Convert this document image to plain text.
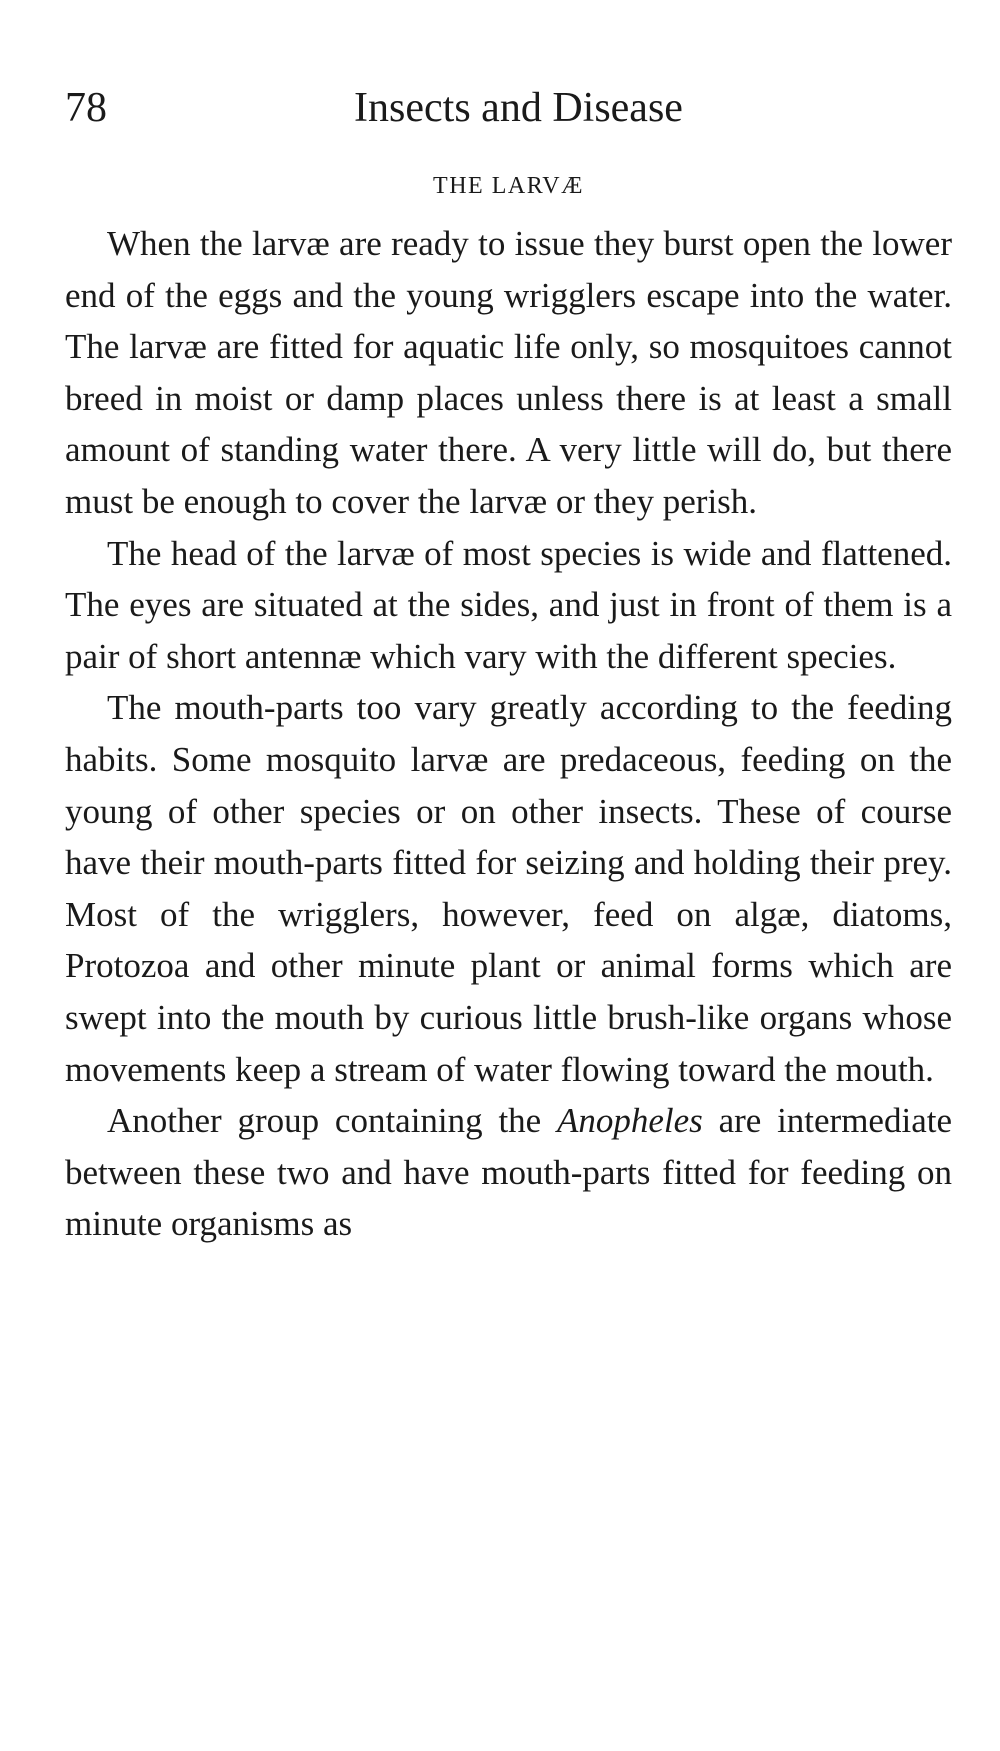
78	Insects and Disease
THE LARVÆ

When the larvæ are ready to issue they burst open the lower end of the eggs and the young wrigglers escape into the water. The larvæ are fitted for aquatic life only, so mosquitoes cannot breed in moist or damp places unless there is at least a small amount of standing water there. A very little will do, but there must be enough to cover the larvæ or they perish.

The head of the larvæ of most species is wide and flattened. The eyes are situated at the sides, and just in front of them is a pair of short antennæ which vary with the different species.

The mouth-parts too vary greatly according to the feeding habits. Some mosquito larvæ are predaceous, feeding on the young of other species or on other insects. These of course have their mouth-parts fitted for seizing and holding their prey. Most of the wrigglers, however, feed on algæ, diatoms, Protozoa and other minute plant or animal forms which are swept into the mouth by curious little brush-like organs whose movements keep a stream of water flowing toward the mouth.

Another group containing the Anopheles are intermediate between these two and have mouth-parts fitted for feeding on minute organisms as
